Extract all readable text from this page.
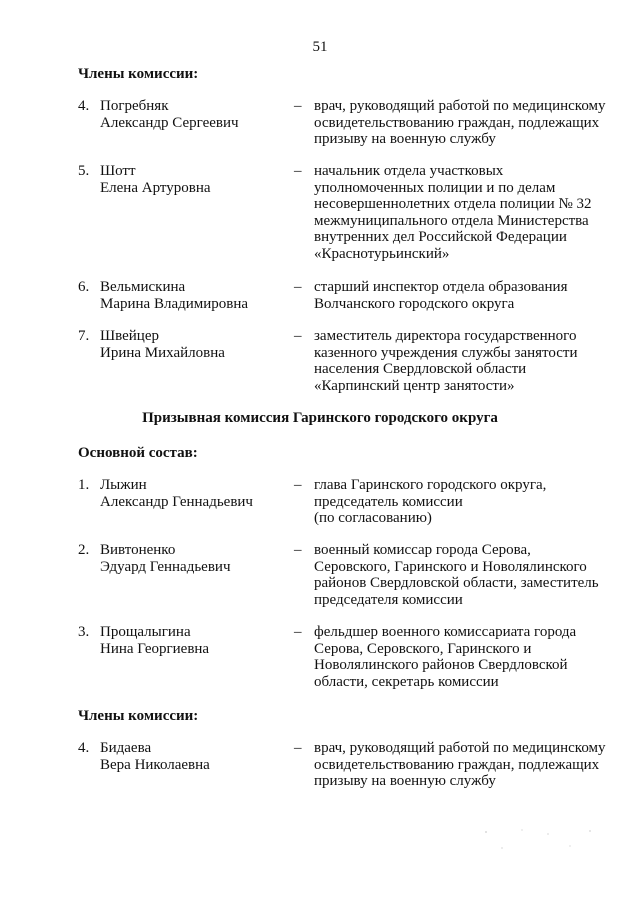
51
Члены комиссии:
4. Погребняк
Александр Сергеевич
– врач, руководящий работой по медицинскому
освидетельствованию граждан, подлежащих
призыву на военную службу
5. Шотт
Елена Артуровна
– начальник отдела участковых
уполномоченных полиции и по делам
несовершеннолетних отдела полиции № 32
межмуниципального отдела Министерства
внутренних дел Российской Федерации
«Краснотурьинский»
6. Вельмискина
Марина Владимировна
– старший инспектор отдела образования
Волчанского городского округа
7. Швейцер
Ирина Михайловна
– заместитель директора государственного
казенного учреждения службы занятости
населения Свердловской области
«Карпинский центр занятости»
Призывная комиссия Гаринского городского округа
Основной состав:
1. Лыжин
Александр Геннадьевич
– глава Гаринского городского округа,
председатель комиссии
(по согласованию)
2. Вивтоненко
Эдуард Геннадьевич
– военный комиссар города Серова,
Серовского, Гаринского и Новолялинского
районов Свердловской области, заместитель
председателя комиссии
3. Прощалыгина
Нина Георгиевна
– фельдшер военного комиссариата города
Серова, Серовского, Гаринского и
Новолялинского районов Свердловской
области, секретарь комиссии
Члены комиссии:
4. Бидаева
Вера Николаевна
– врач, руководящий работой по медицинскому
освидетельствованию граждан, подлежащих
призыву на военную службу
